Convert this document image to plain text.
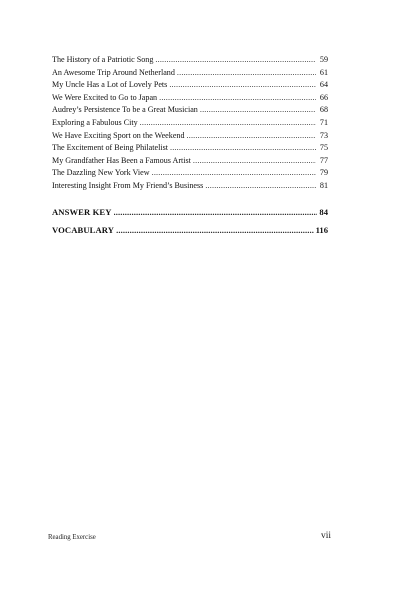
The History of a Patriotic Song .....	59
An Awesome Trip Around Netherland .....	61
My Uncle Has a Lot of Lovely Pets .....	64
We Were Excited to Go to Japan .....	66
Audrey’s Persistence To be a Great Musician .....	68
Exploring a Fabulous City .....	71
We Have Exciting Sport on the Weekend .....	73
The Excitement of Being Philatelist .....	75
My Grandfather Has Been a Famous Artist .....	77
The Dazzling New York View .....	79
Interesting Insight From My Friend’s Business .....	81
ANSWER KEY .....	84
VOCABULARY .....	116
Reading Exercise	vii
